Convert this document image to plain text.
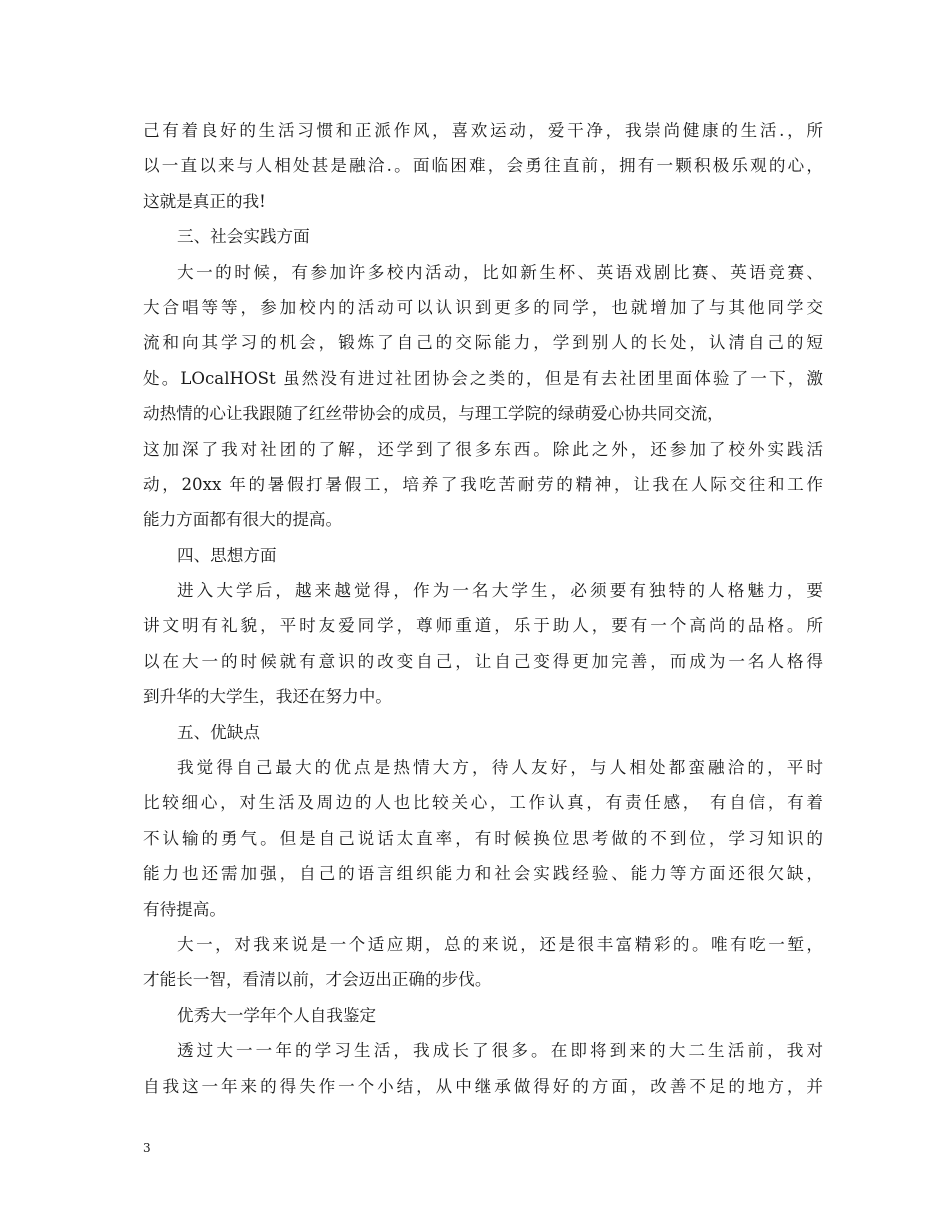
己有着良好的生活习惯和正派作风，喜欢运动，爱干净，我崇尚健康的生活.，所
以一直以来与人相处甚是融洽.。面临困难，会勇往直前，拥有一颗积极乐观的心，
这就是真正的我!
三、社会实践方面
大一的时候，有参加许多校内活动，比如新生杯、英语戏剧比赛、英语竞赛、
大合唱等等，参加校内的活动可以认识到更多的同学，也就增加了与其他同学交
流和向其学习的机会，锻炼了自己的交际能力，学到别人的长处，认清自己的短
处。LOcalHOSt 虽然没有进过社团协会之类的，但是有去社团里面体验了一下，激
动热情的心让我跟随了红丝带协会的成员，与理工学院的绿萌爱心协共同交流，
这加深了我对社团的了解，还学到了很多东西。除此之外，还参加了校外实践活
动，20xx 年的暑假打暑假工，培养了我吃苦耐劳的精神，让我在人际交往和工作
能力方面都有很大的提高。
四、思想方面
进入大学后，越来越觉得，作为一名大学生，必须要有独特的人格魅力，要
讲文明有礼貌，平时友爱同学，尊师重道，乐于助人，要有一个高尚的品格。所
以在大一的时候就有意识的改变自己，让自己变得更加完善，而成为一名人格得
到升华的大学生，我还在努力中。
五、优缺点
我觉得自己最大的优点是热情大方，待人友好，与人相处都蛮融洽的，平时
比较细心，对生活及周边的人也比较关心，工作认真，有责任感， 有自信，有着
不认输的勇气。但是自己说话太直率，有时候换位思考做的不到位，学习知识的
能力也还需加强，自己的语言组织能力和社会实践经验、能力等方面还很欠缺，
有待提高。
大一，对我来说是一个适应期，总的来说，还是很丰富精彩的。唯有吃一堑，
才能长一智，看清以前，才会迈出正确的步伐。
优秀大一学年个人自我鉴定
透过大一一年的学习生活，我成长了很多。在即将到来的大二生活前，我对
自我这一年来的得失作一个小结，从中继承做得好的方面，改善不足的地方，并
3
